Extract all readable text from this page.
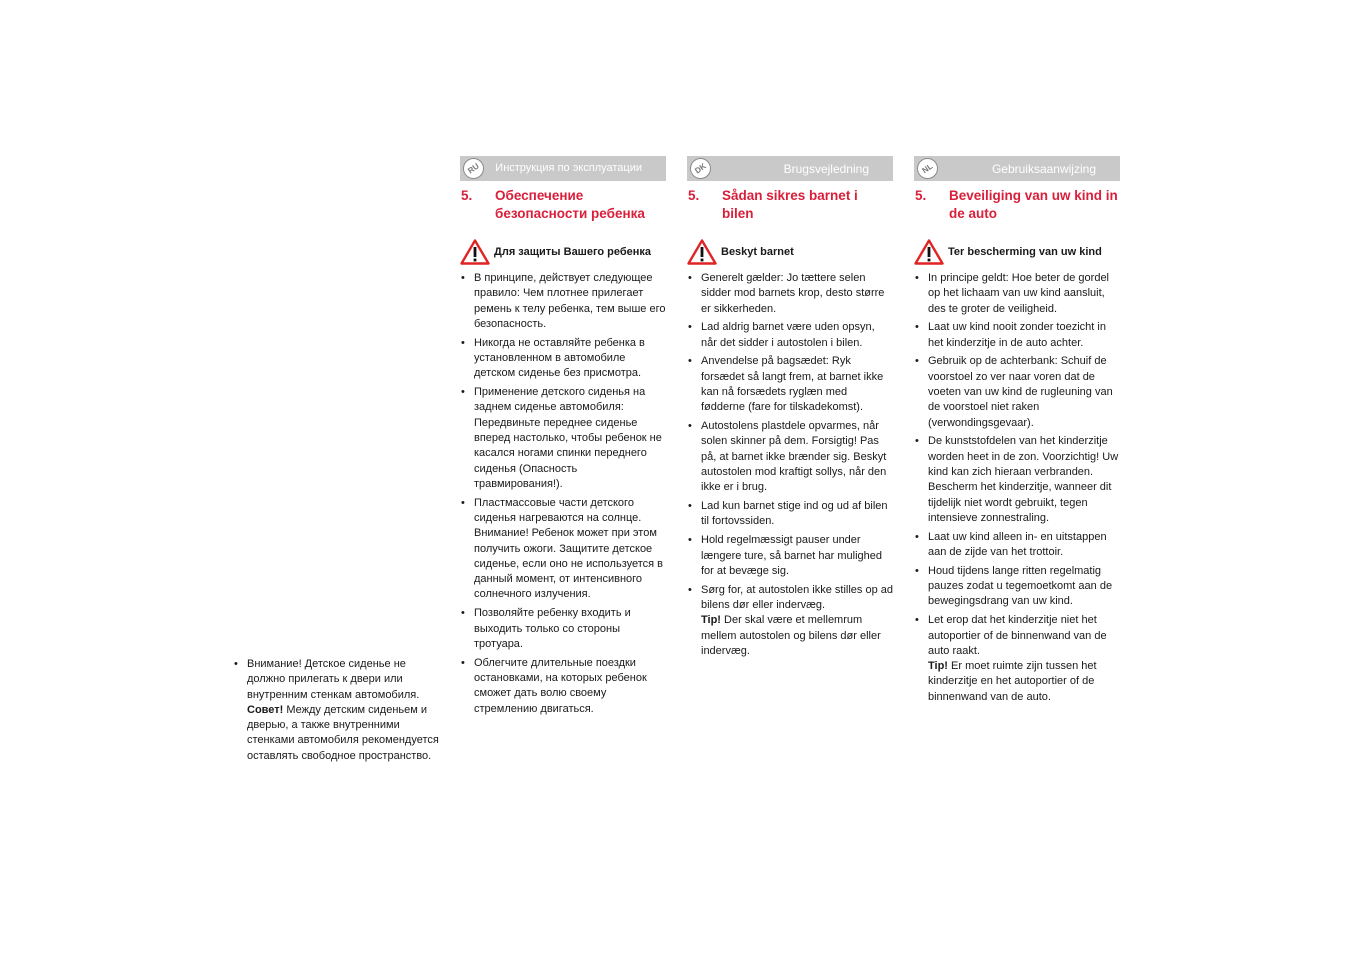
• Внимание! Детское сиденье не должно прилегать к двери или внутренним стенкам автомобиля. Совет! Между детским сиденьем и дверью, а также внутренними стенками автомобиля рекомендуется оставлять свободное пространство.
RU	Инструкция по эксплуатации
5.	Обеспечение безопасности ребенка
Для защиты Вашего ребенка
• В принципе, действует следующее правило: Чем плотнее прилегает ремень к телу ребенка, тем выше его безопасность.
• Никогда не оставляйте ребенка в установленном в автомобиле детском сиденье без присмотра.
• Применение детского сиденья на заднем сиденье автомобиля: Передвиньте переднее сиденье вперед настолько, чтобы ребенок не касался ногами спинки переднего сиденья (Опасность травмирования!).
• Пластмассовые части детского сиденья нагреваются на солнце. Внимание! Ребенок может при этом получить ожоги. Защитите детское сиденье, если оно не используется в данный момент, от интенсивного солнечного излучения.
• Позволяйте ребенку входить и выходить только со стороны тротуара.
• Облегчите длительные поездки остановками, на которых ребенок сможет дать волю своему стремлению двигаться.
DK	Brugsvejledning
5.	Sådan sikres barnet i bilen
Beskyt barnet
• Generelt gælder: Jo tættere selen sidder mod barnets krop, desto større er sikkerheden.
• Lad aldrig barnet være uden opsyn, når det sidder i autostolen i bilen.
• Anvendelse på bagsædet: Ryk forsædet så langt frem, at barnet ikke kan nå forsædets ryglæn med fødderne (fare for tilskadekomst).
• Autostolens plastdele opvarmes, når solen skinner på dem. Forsigtig! Pas på, at barnet ikke brænder sig. Beskyt autostolen mod kraftigt sollys, når den ikke er i brug.
• Lad kun barnet stige ind og ud af bilen til fortovssiden.
• Hold regelmæssigt pauser under længere ture, så barnet har mulighed for at bevæge sig.
• Sørg for, at autostolen ikke stilles op ad bilens dør eller indervæg.
Tip! Der skal være et mellemrum mellem autostolen og bilens dør eller indervæg.
NL	Gebruiksaanwijzing
5.	Beveiliging van uw kind in de auto
Ter bescherming van uw kind
• In principe geldt: Hoe beter de gordel op het lichaam van uw kind aansluit, des te groter de veiligheid.
• Laat uw kind nooit zonder toezicht in het kinderzitje in de auto achter.
• Gebruik op de achterbank: Schuif de voorstoel zo ver naar voren dat de voeten van uw kind de rugleuning van de voorstoel niet raken (verwondingsgevaar).
• De kunststofdelen van het kinderzitje worden heet in de zon. Voorzichtig! Uw kind kan zich hieraan verbranden. Bescherm het kinderzitje, wanneer dit tijdelijk niet wordt gebruikt, tegen intensieve zonnestraling.
• Laat uw kind alleen in- en uitstappen aan de zijde van het trottoir.
• Houd tijdens lange ritten regelmatig pauzes zodat u tegemoetkomt aan de bewegingsdrang van uw kind.
• Let erop dat het kinderzitje niet het autoportier of de binnenwand van de auto raakt.
Tip! Er moet ruimte zijn tussen het kinderzitje en het autoportier of de binnenwand van de auto.
